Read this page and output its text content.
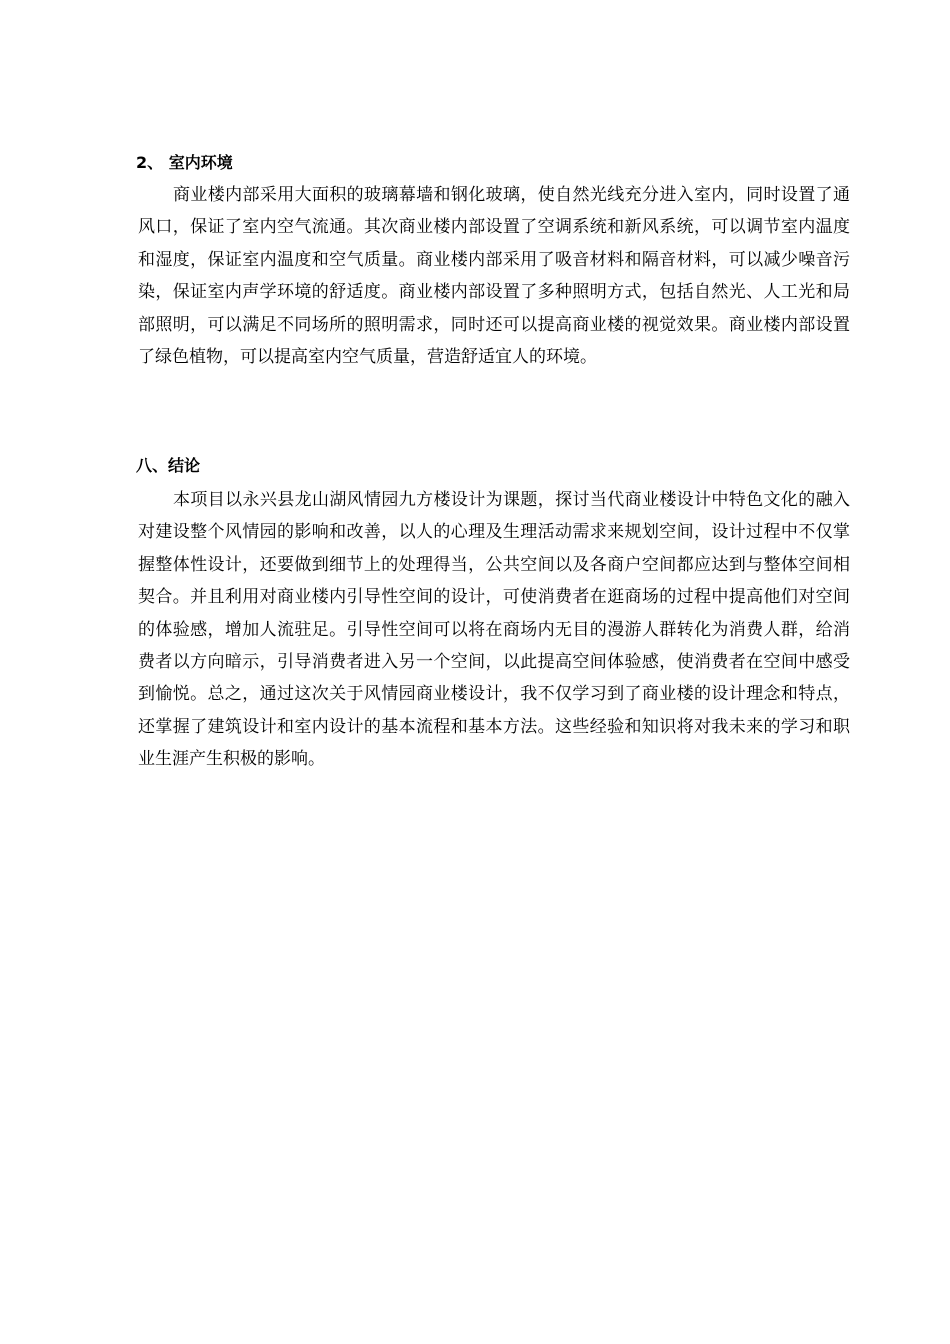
2、 室内环境

商业楼内部采用大面积的玻璃幕墙和钢化玻璃，使自然光线充分进入室内，同时设置了通风口，保证了室内空气流通。其次商业楼内部设置了空调系统和新风系统，可以调节室内温度和湿度，保证室内温度和空气质量。商业楼内部采用了吸音材料和隔音材料，可以减少噪音污染，保证室内声学环境的舒适度。商业楼内部设置了多种照明方式，包括自然光、人工光和局部照明，可以满足不同场所的照明需求，同时还可以提高商业楼的视觉效果。商业楼内部设置了绿色植物，可以提高室内空气质量，营造舒适宜人的环境。

八、结论

本项目以永兴县龙山湖风情园九方楼设计为课题，探讨当代商业楼设计中特色文化的融入对建设整个风情园的影响和改善，以人的心理及生理活动需求来规划空间，设计过程中不仅掌握整体性设计，还要做到细节上的处理得当，公共空间以及各商户空间都应达到与整体空间相契合。并且利用对商业楼内引导性空间的设计，可使消费者在逛商场的过程中提高他们对空间的体验感，增加人流驻足。引导性空间可以将在商场内无目的漫游人群转化为消费人群，给消费者以方向暗示，引导消费者进入另一个空间，以此提高空间体验感，使消费者在空间中感受到愉悦。总之，通过这次关于风情园商业楼设计，我不仅学习到了商业楼的设计理念和特点，还掌握了建筑设计和室内设计的基本流程和基本方法。这些经验和知识将对我未来的学习和职业生涯产生积极的影响。
